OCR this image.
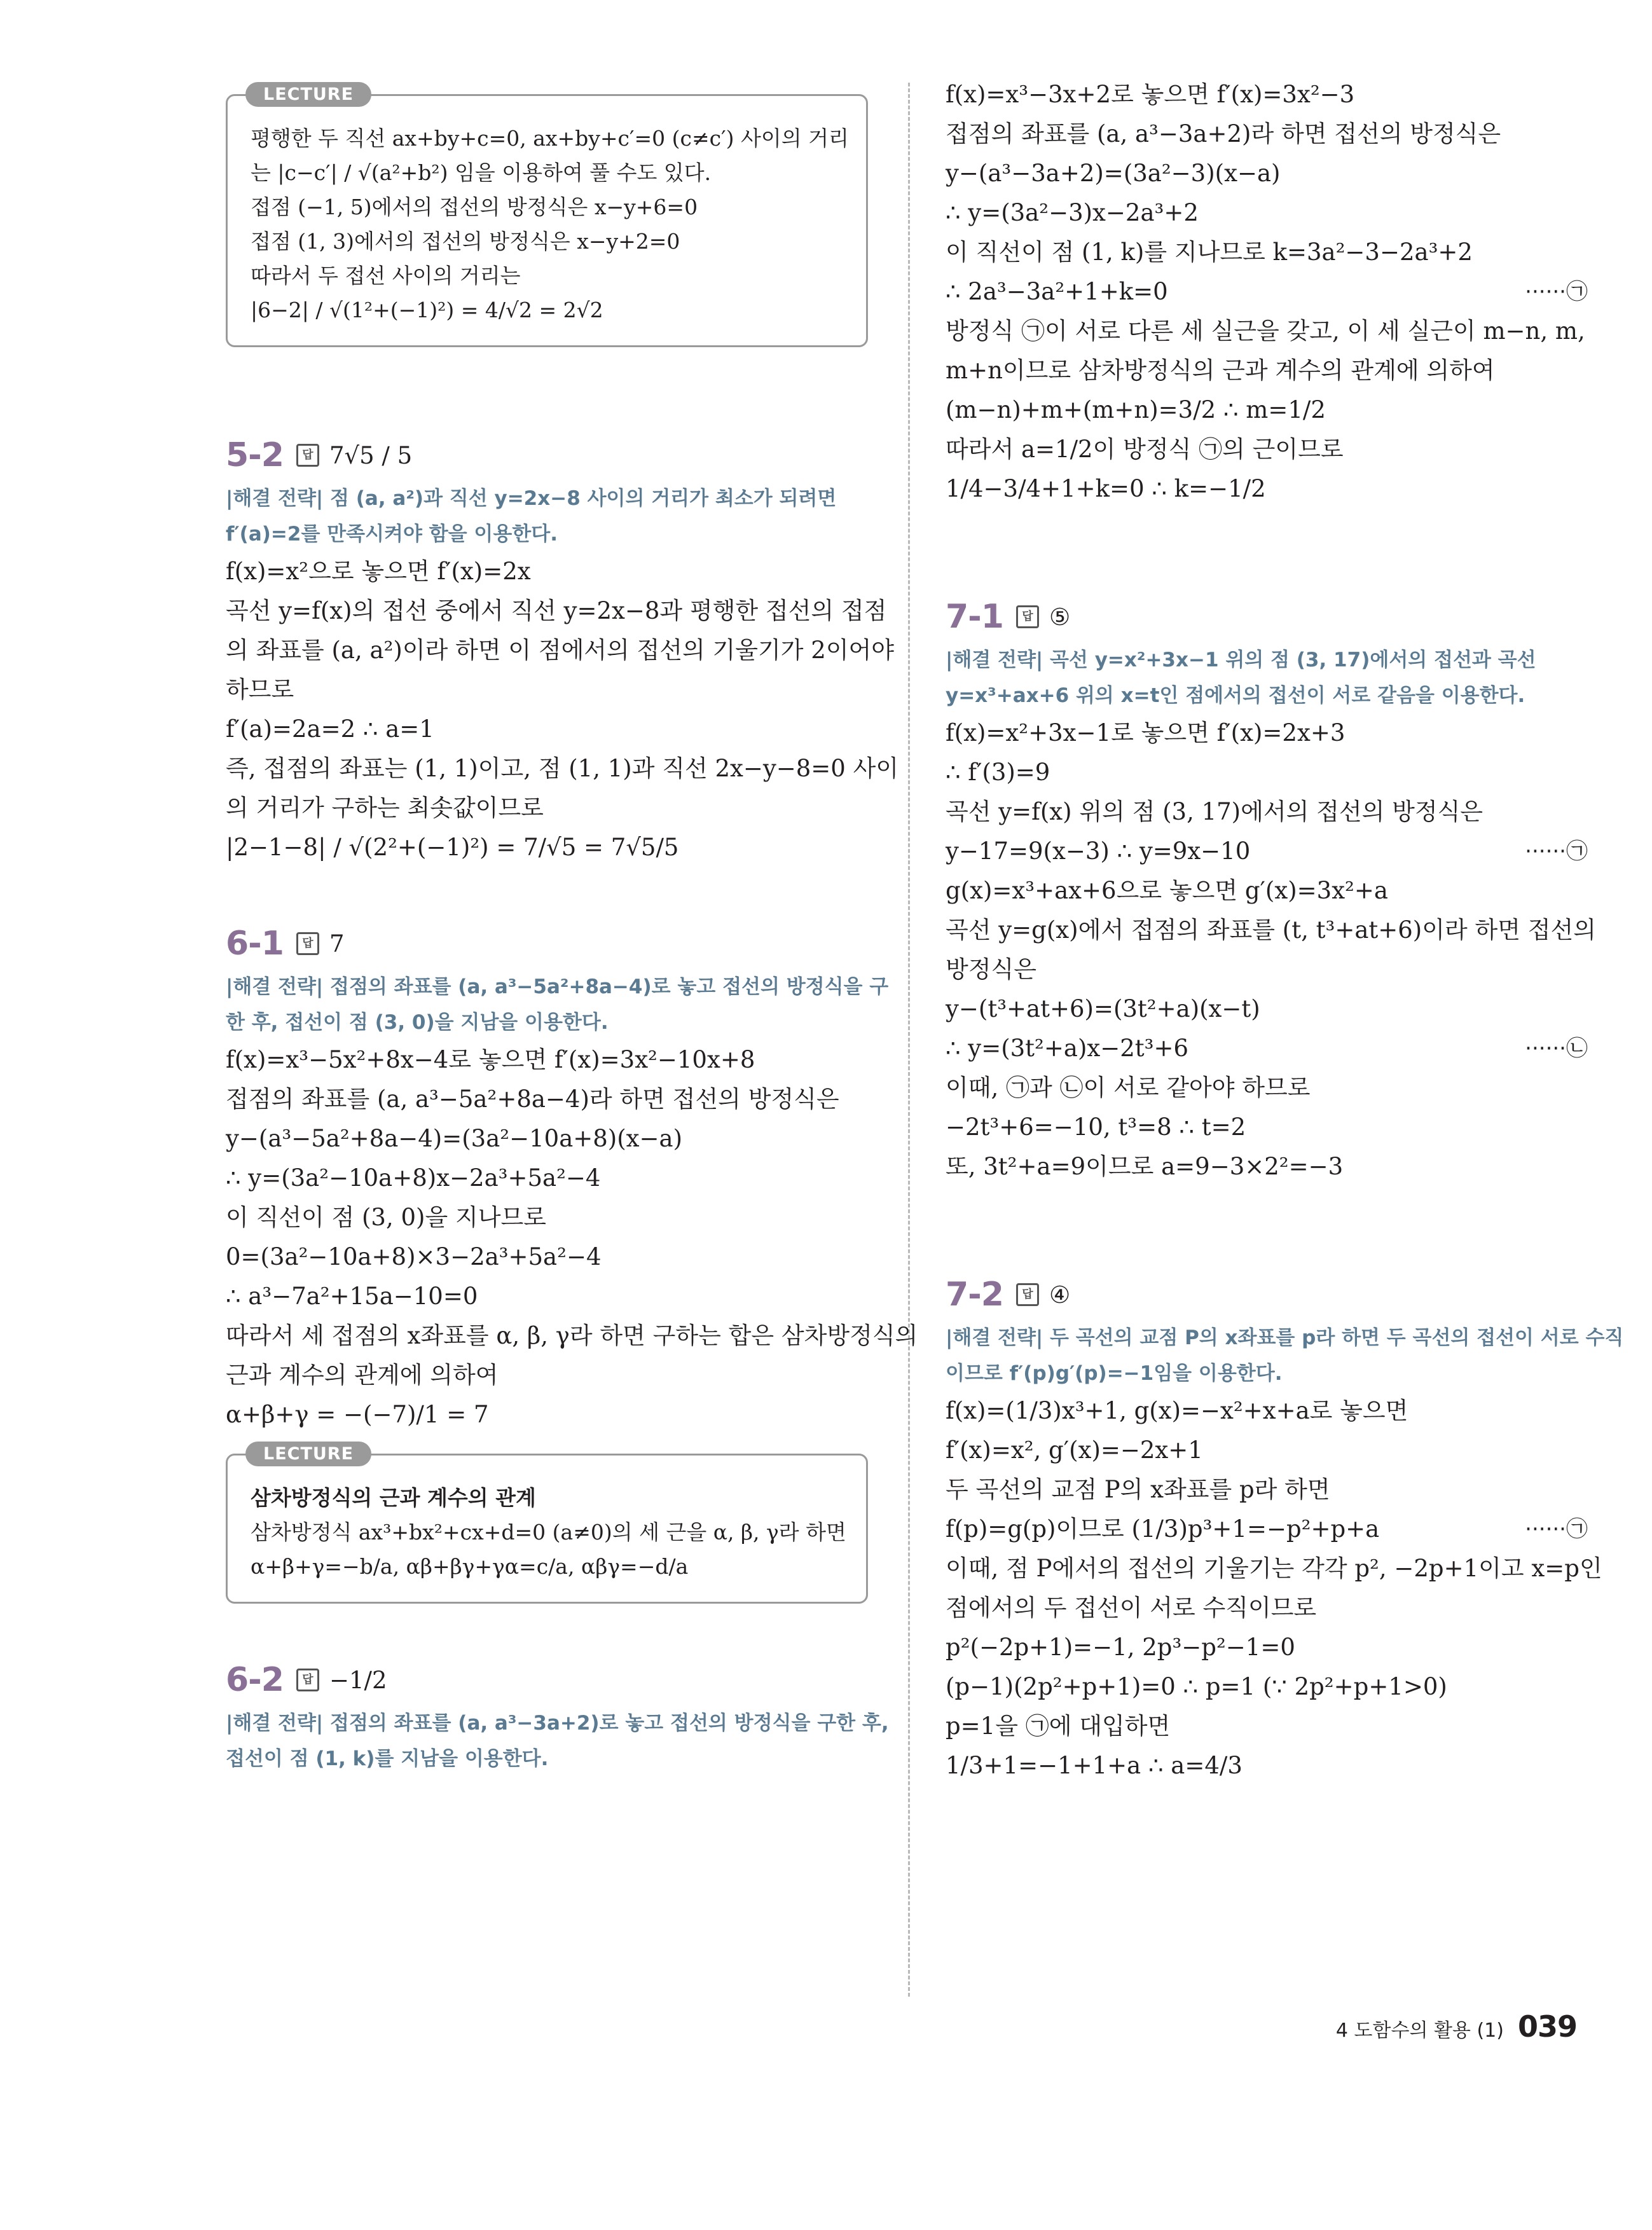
LECTURE
평행한 두 직선 ax+by+c=0, ax+by+c′=0 (c≠c′) 사이의 거리
는 |c−c′| / √(a²+b²) 임을 이용하여 풀 수도 있다.
접점 (−1, 5)에서의 접선의 방정식은 x−y+6=0
접점 (1, 3)에서의 접선의 방정식은 x−y+2=0
따라서 두 접선 사이의 거리는
|6−2| / √(1²+(−1)²) = 4/√2 = 2√2
5-2	답 7√5 / 5
|해결 전략| 점 (a, a²)과 직선 y=2x−8 사이의 거리가 최소가 되려면
f′(a)=2를 만족시켜야 함을 이용한다.
f(x)=x²으로 놓으면 f′(x)=2x
곡선 y=f(x)의 접선 중에서 직선 y=2x−8과 평행한 접선의 접점
의 좌표를 (a, a²)이라 하면 이 점에서의 접선의 기울기가 2이어야
하므로
f′(a)=2a=2 ∴ a=1
즉, 접점의 좌표는 (1, 1)이고, 점 (1, 1)과 직선 2x−y−8=0 사이
의 거리가 구하는 최솟값이므로
|2−1−8| / √(2²+(−1)²) = 7/√5 = 7√5/5
6-1	답 7
|해결 전략| 접점의 좌표를 (a, a³−5a²+8a−4)로 놓고 접선의 방정식을 구
한 후, 접선이 점 (3, 0)을 지남을 이용한다.
f(x)=x³−5x²+8x−4로 놓으면 f′(x)=3x²−10x+8
접점의 좌표를 (a, a³−5a²+8a−4)라 하면 접선의 방정식은
y−(a³−5a²+8a−4)=(3a²−10a+8)(x−a)
∴ y=(3a²−10a+8)x−2a³+5a²−4
이 직선이 점 (3, 0)을 지나므로
0=(3a²−10a+8)×3−2a³+5a²−4
∴ a³−7a²+15a−10=0
따라서 세 접점의 x좌표를 α, β, γ라 하면 구하는 합은 삼차방정식의
근과 계수의 관계에 의하여
α+β+γ = −(−7)/1 = 7
LECTURE
삼차방정식의 근과 계수의 관계
삼차방정식 ax³+bx²+cx+d=0 (a≠0)의 세 근을 α, β, γ라 하면
α+β+γ=−b/a, αβ+βγ+γα=c/a, αβγ=−d/a
6-2	답 −1/2
|해결 전략| 접점의 좌표를 (a, a³−3a+2)로 놓고 접선의 방정식을 구한 후,
접선이 점 (1, k)를 지남을 이용한다.
f(x)=x³−3x+2로 놓으면 f′(x)=3x²−3
접점의 좌표를 (a, a³−3a+2)라 하면 접선의 방정식은
y−(a³−3a+2)=(3a²−3)(x−a)
∴ y=(3a²−3)x−2a³+2
이 직선이 점 (1, k)를 지나므로 k=3a²−3−2a³+2
∴ 2a³−3a²+1+k=0	······㉠
방정식 ㉠이 서로 다른 세 실근을 갖고, 이 세 실근이 m−n, m,
m+n이므로 삼차방정식의 근과 계수의 관계에 의하여
(m−n)+m+(m+n)=3/2 ∴ m=1/2
따라서 a=1/2이 방정식 ㉠의 근이므로
1/4−3/4+1+k=0 ∴ k=−1/2
7-1	답 ⑤
|해결 전략| 곡선 y=x²+3x−1 위의 점 (3, 17)에서의 접선과 곡선
y=x³+ax+6 위의 x=t인 점에서의 접선이 서로 같음을 이용한다.
f(x)=x²+3x−1로 놓으면 f′(x)=2x+3
∴ f′(3)=9
곡선 y=f(x) 위의 점 (3, 17)에서의 접선의 방정식은
y−17=9(x−3) ∴ y=9x−10	······㉠
g(x)=x³+ax+6으로 놓으면 g′(x)=3x²+a
곡선 y=g(x)에서 접점의 좌표를 (t, t³+at+6)이라 하면 접선의
방정식은
y−(t³+at+6)=(3t²+a)(x−t)
∴ y=(3t²+a)x−2t³+6	······㉡
이때, ㉠과 ㉡이 서로 같아야 하므로
−2t³+6=−10, t³=8 ∴ t=2
또, 3t²+a=9이므로 a=9−3×2²=−3
7-2	답 ④
|해결 전략| 두 곡선의 교점 P의 x좌표를 p라 하면 두 곡선의 접선이 서로 수직
이므로 f′(p)g′(p)=−1임을 이용한다.
f(x)=(1/3)x³+1, g(x)=−x²+x+a로 놓으면
f′(x)=x², g′(x)=−2x+1
두 곡선의 교점 P의 x좌표를 p라 하면
f(p)=g(p)이므로 (1/3)p³+1=−p²+p+a	······㉠
이때, 점 P에서의 접선의 기울기는 각각 p², −2p+1이고 x=p인
점에서의 두 접선이 서로 수직이므로
p²(−2p+1)=−1, 2p³−p²−1=0
(p−1)(2p²+p+1)=0 ∴ p=1 (∵ 2p²+p+1>0)
p=1을 ㉠에 대입하면
1/3+1=−1+1+a ∴ a=4/3
4 도함수의 활용 (1) 039
